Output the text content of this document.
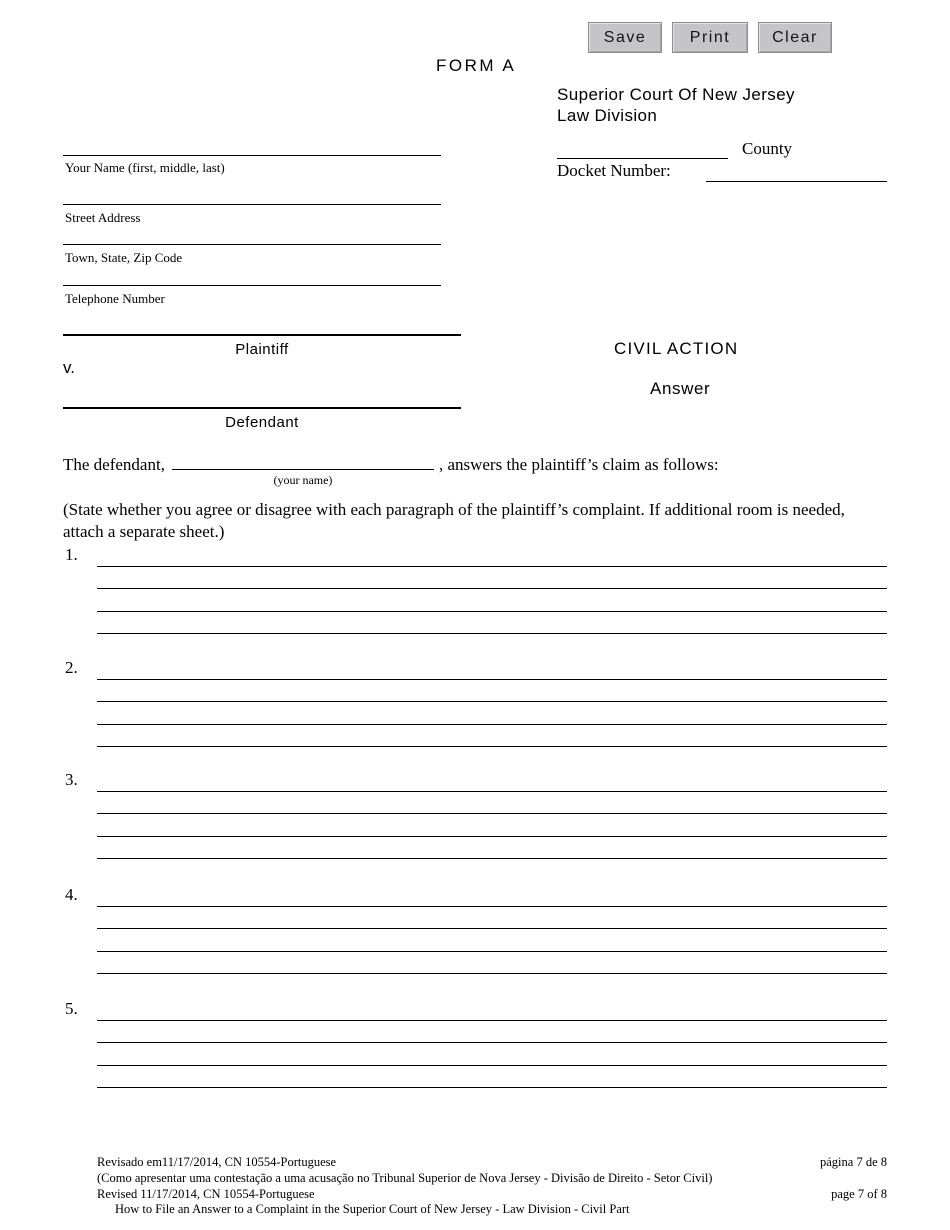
Save	Print	Clear
FORM A
Superior Court Of New Jersey
Law Division
County
Docket Number:
Your Name (first, middle, last)
Street Address
Town, State, Zip Code
Telephone Number
Plaintiff
v.
Defendant
CIVIL ACTION
Answer
The defendant,
(your name)
, answers the plaintiff’s claim as follows:
(State whether you agree or disagree with each paragraph of the plaintiff’s complaint. If additional room is needed, attach a separate sheet.)
1.
2.
3.
4.
5.
Revisado em11/17/2014, CN 10554-Portuguese	página 7 de 8
(Como apresentar uma contestação a uma acusação no Tribunal Superior de Nova Jersey - Divisão de Direito - Setor Civil)
Revised 11/17/2014, CN 10554-Portuguese	page 7 of 8
How to File an Answer to a Complaint in the Superior Court of New Jersey - Law Division - Civil Part
